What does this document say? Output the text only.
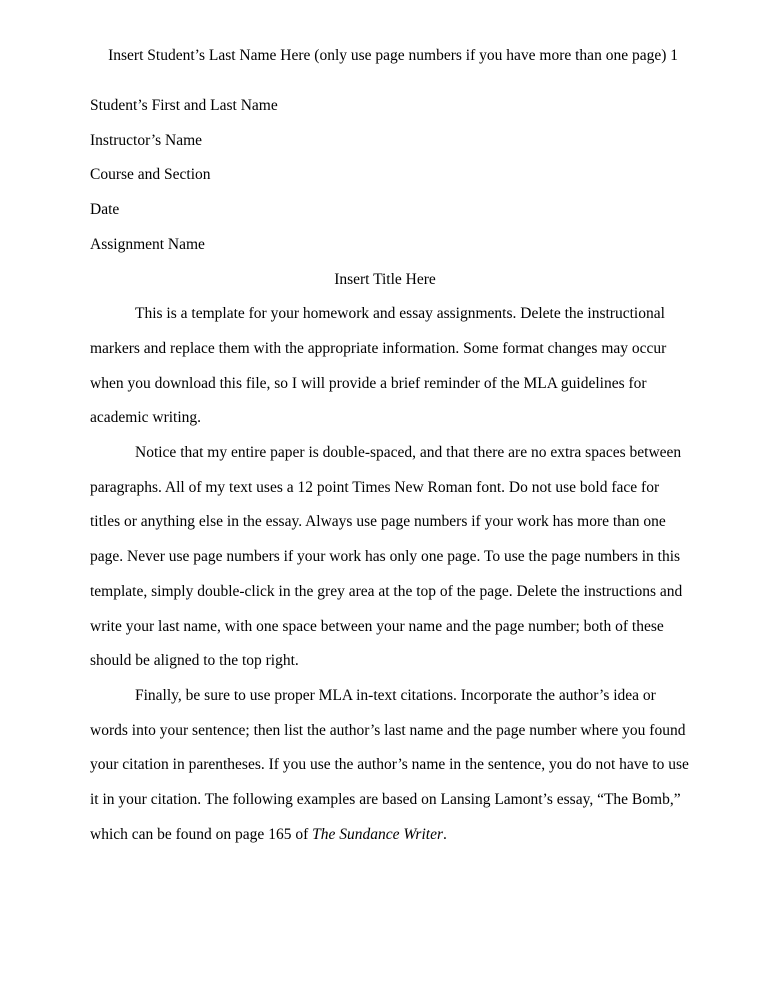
Insert Student’s Last Name Here (only use page numbers if you have more than one page) 1

Student’s First and Last Name

Instructor’s Name

Course and Section

Date

Assignment Name

Insert Title Here

This is a template for your homework and essay assignments. Delete the instructional
markers and replace them with the appropriate information. Some format changes may occur
when you download this file, so I will provide a brief reminder of the MLA guidelines for
academic writing.

Notice that my entire paper is double-spaced, and that there are no extra spaces between
paragraphs. All of my text uses a 12 point Times New Roman font. Do not use bold face for
titles or anything else in the essay. Always use page numbers if your work has more than one
page. Never use page numbers if your work has only one page. To use the page numbers in this
template, simply double-click in the grey area at the top of the page. Delete the instructions and
write your last name, with one space between your name and the page number; both of these
should be aligned to the top right.

Finally, be sure to use proper MLA in-text citations. Incorporate the author’s idea or
words into your sentence; then list the author’s last name and the page number where you found
your citation in parentheses. If you use the author’s name in the sentence, you do not have to use
it in your citation. The following examples are based on Lansing Lamont’s essay, “The Bomb,”
which can be found on page 165 of The Sundance Writer.
